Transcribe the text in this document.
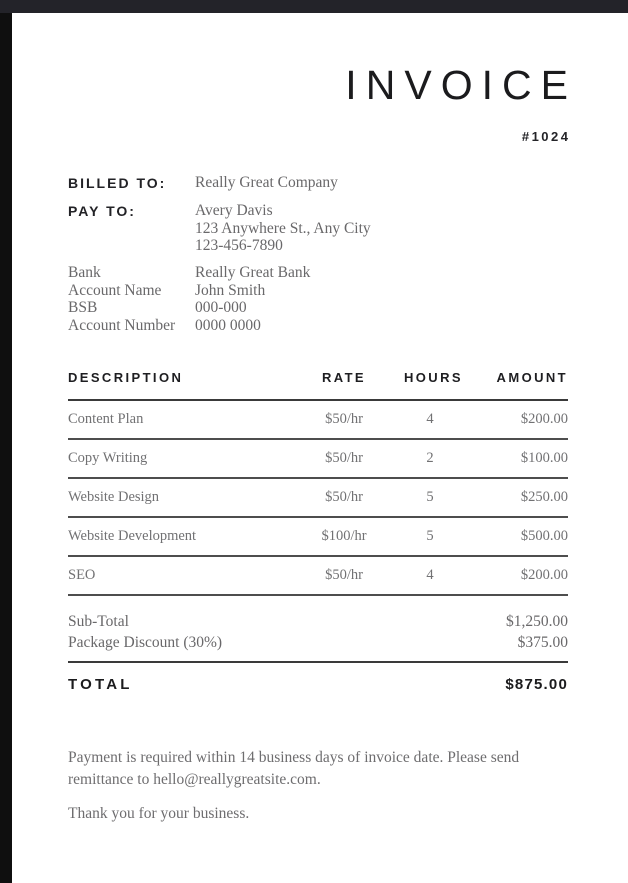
INVOICE
#1024
BILLED TO:	Really Great Company
PAY TO:	Avery Davis
123 Anywhere St., Any City
123-456-7890
Bank	Really Great Bank
Account Name	John Smith
BSB	000-000
Account Number	0000 0000
DESCRIPTION	RATE	HOURS	AMOUNT
Content Plan	$50/hr	4	$200.00
Copy Writing	$50/hr	2	$100.00
Website Design	$50/hr	5	$250.00
Website Development	$100/hr	5	$500.00
SEO	$50/hr	4	$200.00
Sub-Total	$1,250.00
Package Discount (30%)	$375.00
TOTAL	$875.00
Payment is required within 14 business days of invoice date. Please send remittance to hello@reallygreatsite.com.
Thank you for your business.
